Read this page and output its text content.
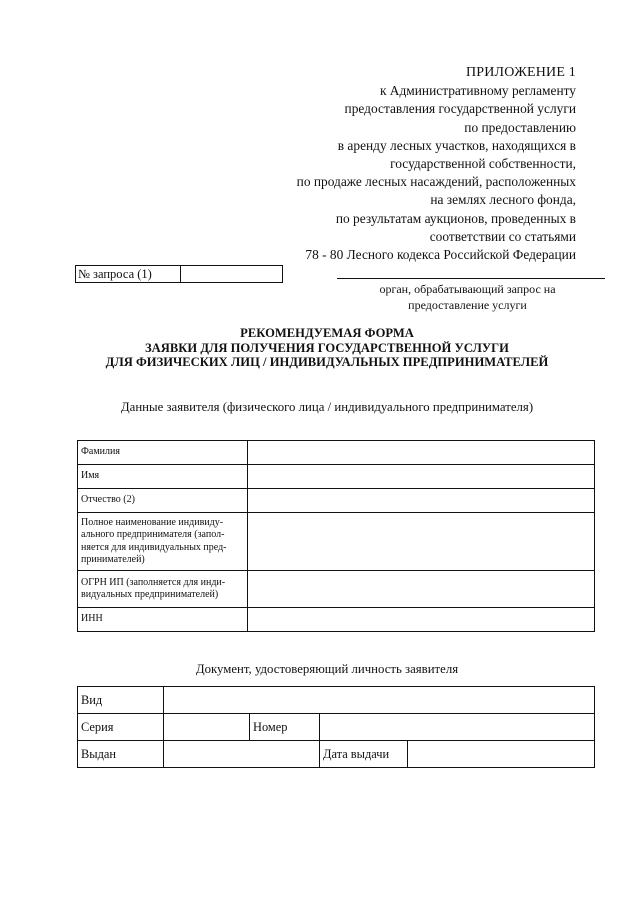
ПРИЛОЖЕНИЕ 1
к Административному регламенту
предоставления государственной услуги
по предоставлению
в аренду лесных участков, находящихся в
государственной собственности,
по продаже лесных насаждений, расположенных
на землях лесного фонда,
по результатам аукционов, проведенных в
соответствии со статьями
78 - 80 Лесного кодекса Российской Федерации
№ запроса (1)
орган, обрабатывающий запрос на
предоставление услуги
РЕКОМЕНДУЕМАЯ ФОРМА
ЗАЯВКИ ДЛЯ ПОЛУЧЕНИЯ ГОСУДАРСТВЕННОЙ УСЛУГИ
ДЛЯ ФИЗИЧЕСКИХ ЛИЦ / ИНДИВИДУАЛЬНЫХ ПРЕДПРИНИМАТЕЛЕЙ
Данные заявителя (физического лица / индивидуального предпринимателя)
Фамилия	
Имя	
Отчество (2)	
Полное наименование индивиду-ального предпринимателя (запол-няется для индивидуальных пред-принимателей)	
ОГРН ИП (заполняется для инди-видуальных предпринимателей)	
ИНН	
Документ, удостоверяющий личность заявителя
Вид				
Серия		Номер		
Выдан			Дата выдачи	
